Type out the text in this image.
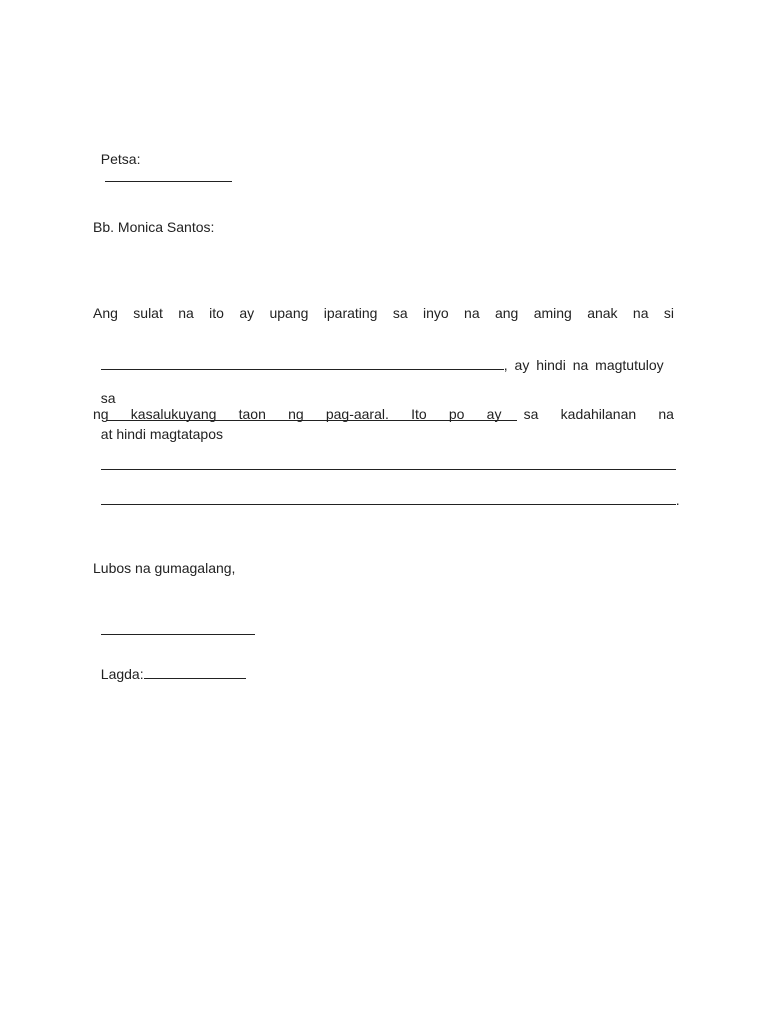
Petsa:

Bb. Monica Santos:
Ang sulat na ito ay upang iparating sa inyo na ang aming anak na si

, ay hindi na magtutuloy

sa

at hindi magtatapos

ng kasalukuyang taon ng pag-aaral. Ito po ay sa kadahilanan na

.

Lubos na gumagalang,

Lagda:
